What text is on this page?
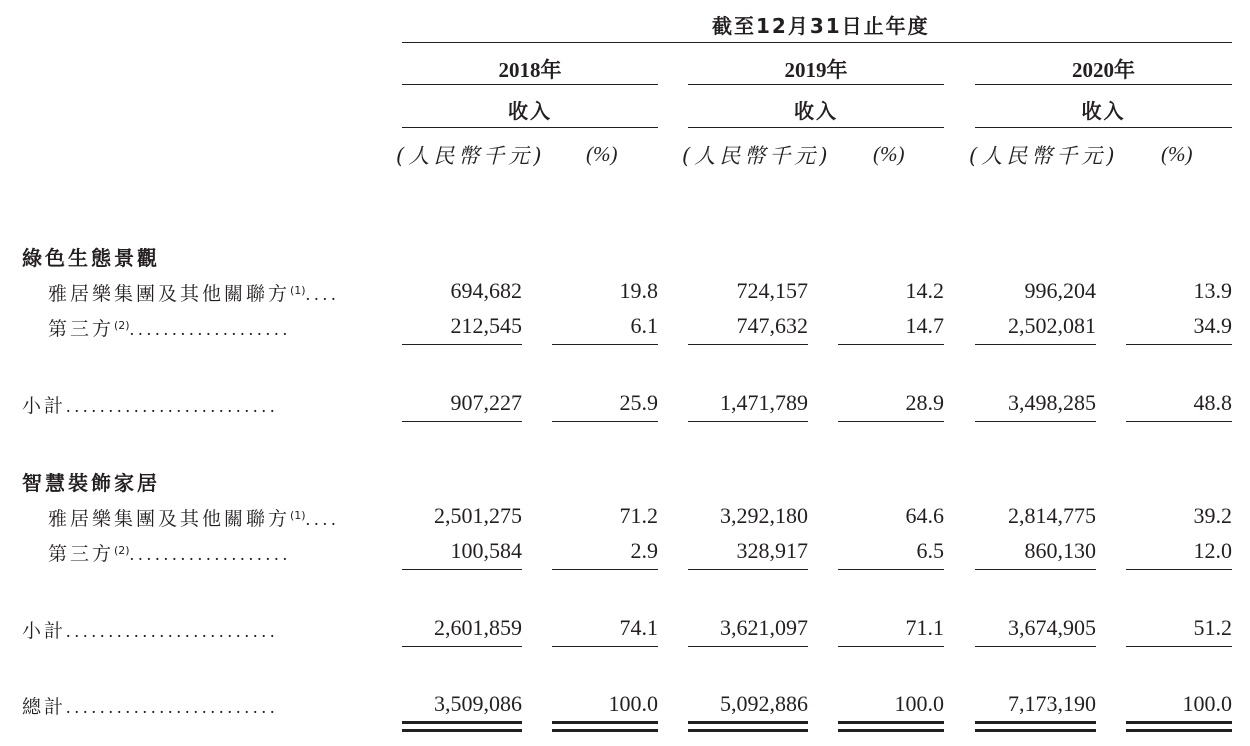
截至12月31日止年度
2018年	2019年	2020年
收入	收入	收入
(人民幣千元) (%)	(人民幣千元) (%)	(人民幣千元) (%)
綠色生態景觀
雅居樂集團及其他關聯方$^{(1)}$....	694,682	19.8	724,157	14.2	996,204	13.9
第三方$^{(2)}$...................	212,545	6.1	747,632	14.7	2,502,081	34.9
小計.........................	907,227	25.9	1,471,789	28.9	3,498,285	48.8
智慧裝飾家居
雅居樂集團及其他關聯方$^{(1)}$....	2,501,275	71.2	3,292,180	64.6	2,814,775	39.2
第三方$^{(2)}$...................	100,584	2.9	328,917	6.5	860,130	12.0
小計.........................	2,601,859	74.1	3,621,097	71.1	3,674,905	51.2
總計.........................	3,509,086	100.0	5,092,886	100.0	7,173,190	100.0
